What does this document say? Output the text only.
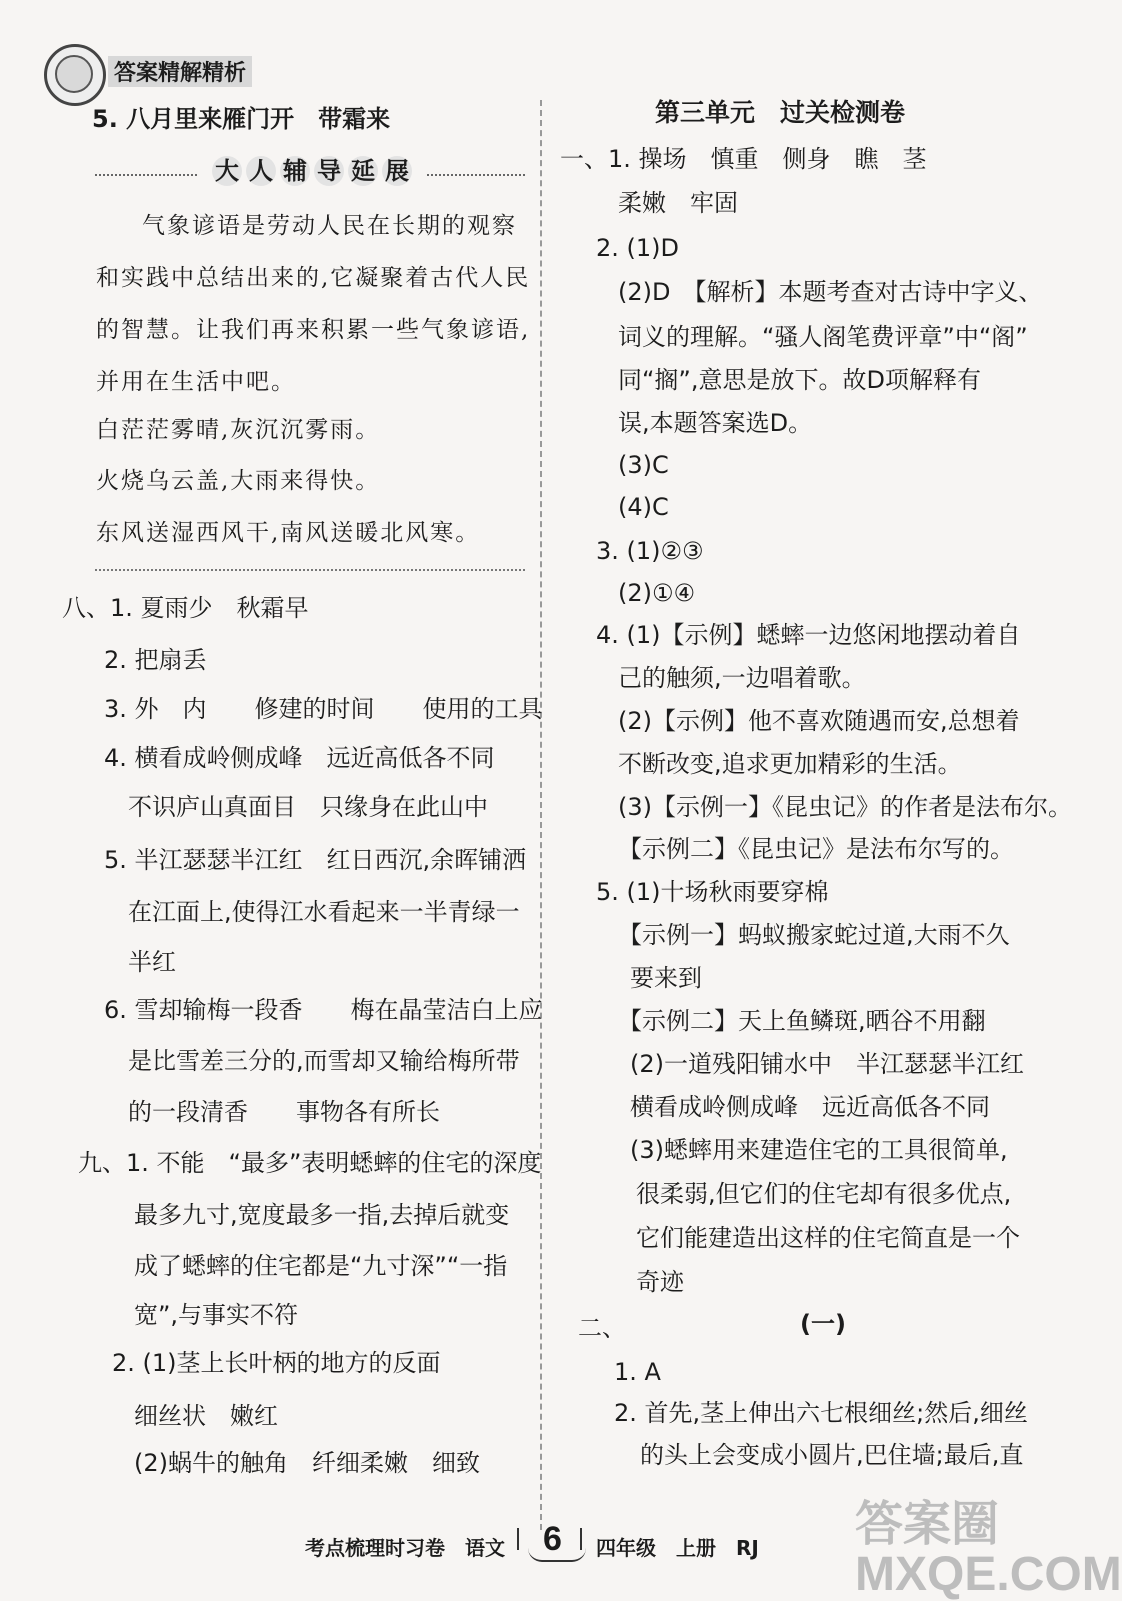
答案精解精析
5. 八月里来雁门开　带霜来
大 人 辅 导 延 展
气象谚语是劳动人民在长期的观察
和实践中总结出来的,它凝聚着古代人民
的智慧。让我们再来积累一些气象谚语,
并用在生活中吧。
白茫茫雾晴,灰沉沉雾雨。
火烧乌云盖,大雨来得快。
东风送湿西风干,南风送暖北风寒。
八、1. 夏雨少　秋霜早
2. 把扇丢
3. 外　内　　修建的时间　　使用的工具
4. 横看成岭侧成峰　远近高低各不同
不识庐山真面目　只缘身在此山中
5. 半江瑟瑟半江红　红日西沉,余晖铺洒
在江面上,使得江水看起来一半青绿一
半红
6. 雪却输梅一段香　　梅在晶莹洁白上应
是比雪差三分的,而雪却又输给梅所带
的一段清香　　事物各有所长
九、1. 不能　“最多”表明蟋蟀的住宅的深度
最多九寸,宽度最多一指,去掉后就变
成了蟋蟀的住宅都是“九寸深”“一指
宽”,与事实不符
2. (1)茎上长叶柄的地方的反面
细丝状　嫩红
(2)蜗牛的触角　纤细柔嫩　细致
第三单元　过关检测卷
一、1. 操场　慎重　侧身　瞧　茎
柔嫩　牢固
2. (1)D
(2)D　【解析】本题考查对古诗中字义、
词义的理解。“骚人阁笔费评章”中“阁”
同“搁”,意思是放下。故D项解释有
误,本题答案选D。
(3)C
(4)C
3. (1)②③
(2)①④
4. (1)【示例】蟋蟀一边悠闲地摆动着自
己的触须,一边唱着歌。
(2)【示例】他不喜欢随遇而安,总想着
不断改变,追求更加精彩的生活。
(3)【示例一】《昆虫记》的作者是法布尔。
【示例二】《昆虫记》是法布尔写的。
5. (1)十场秋雨要穿棉
【示例一】蚂蚁搬家蛇过道,大雨不久
要来到
【示例二】天上鱼鳞斑,晒谷不用翻
(2)一道残阳铺水中　半江瑟瑟半江红
横看成岭侧成峰　远近高低各不同
(3)蟋蟀用来建造住宅的工具很简单,
很柔弱,但它们的住宅却有很多优点,
它们能建造出这样的住宅简直是一个
奇迹
二、	(一)
1. A
2. 首先,茎上伸出六七根细丝;然后,细丝
的头上会变成小圆片,巴住墙;最后,直
考点梳理时习卷　语文 6 四年级　上册　RJ 答案圈 MXQE.COM
